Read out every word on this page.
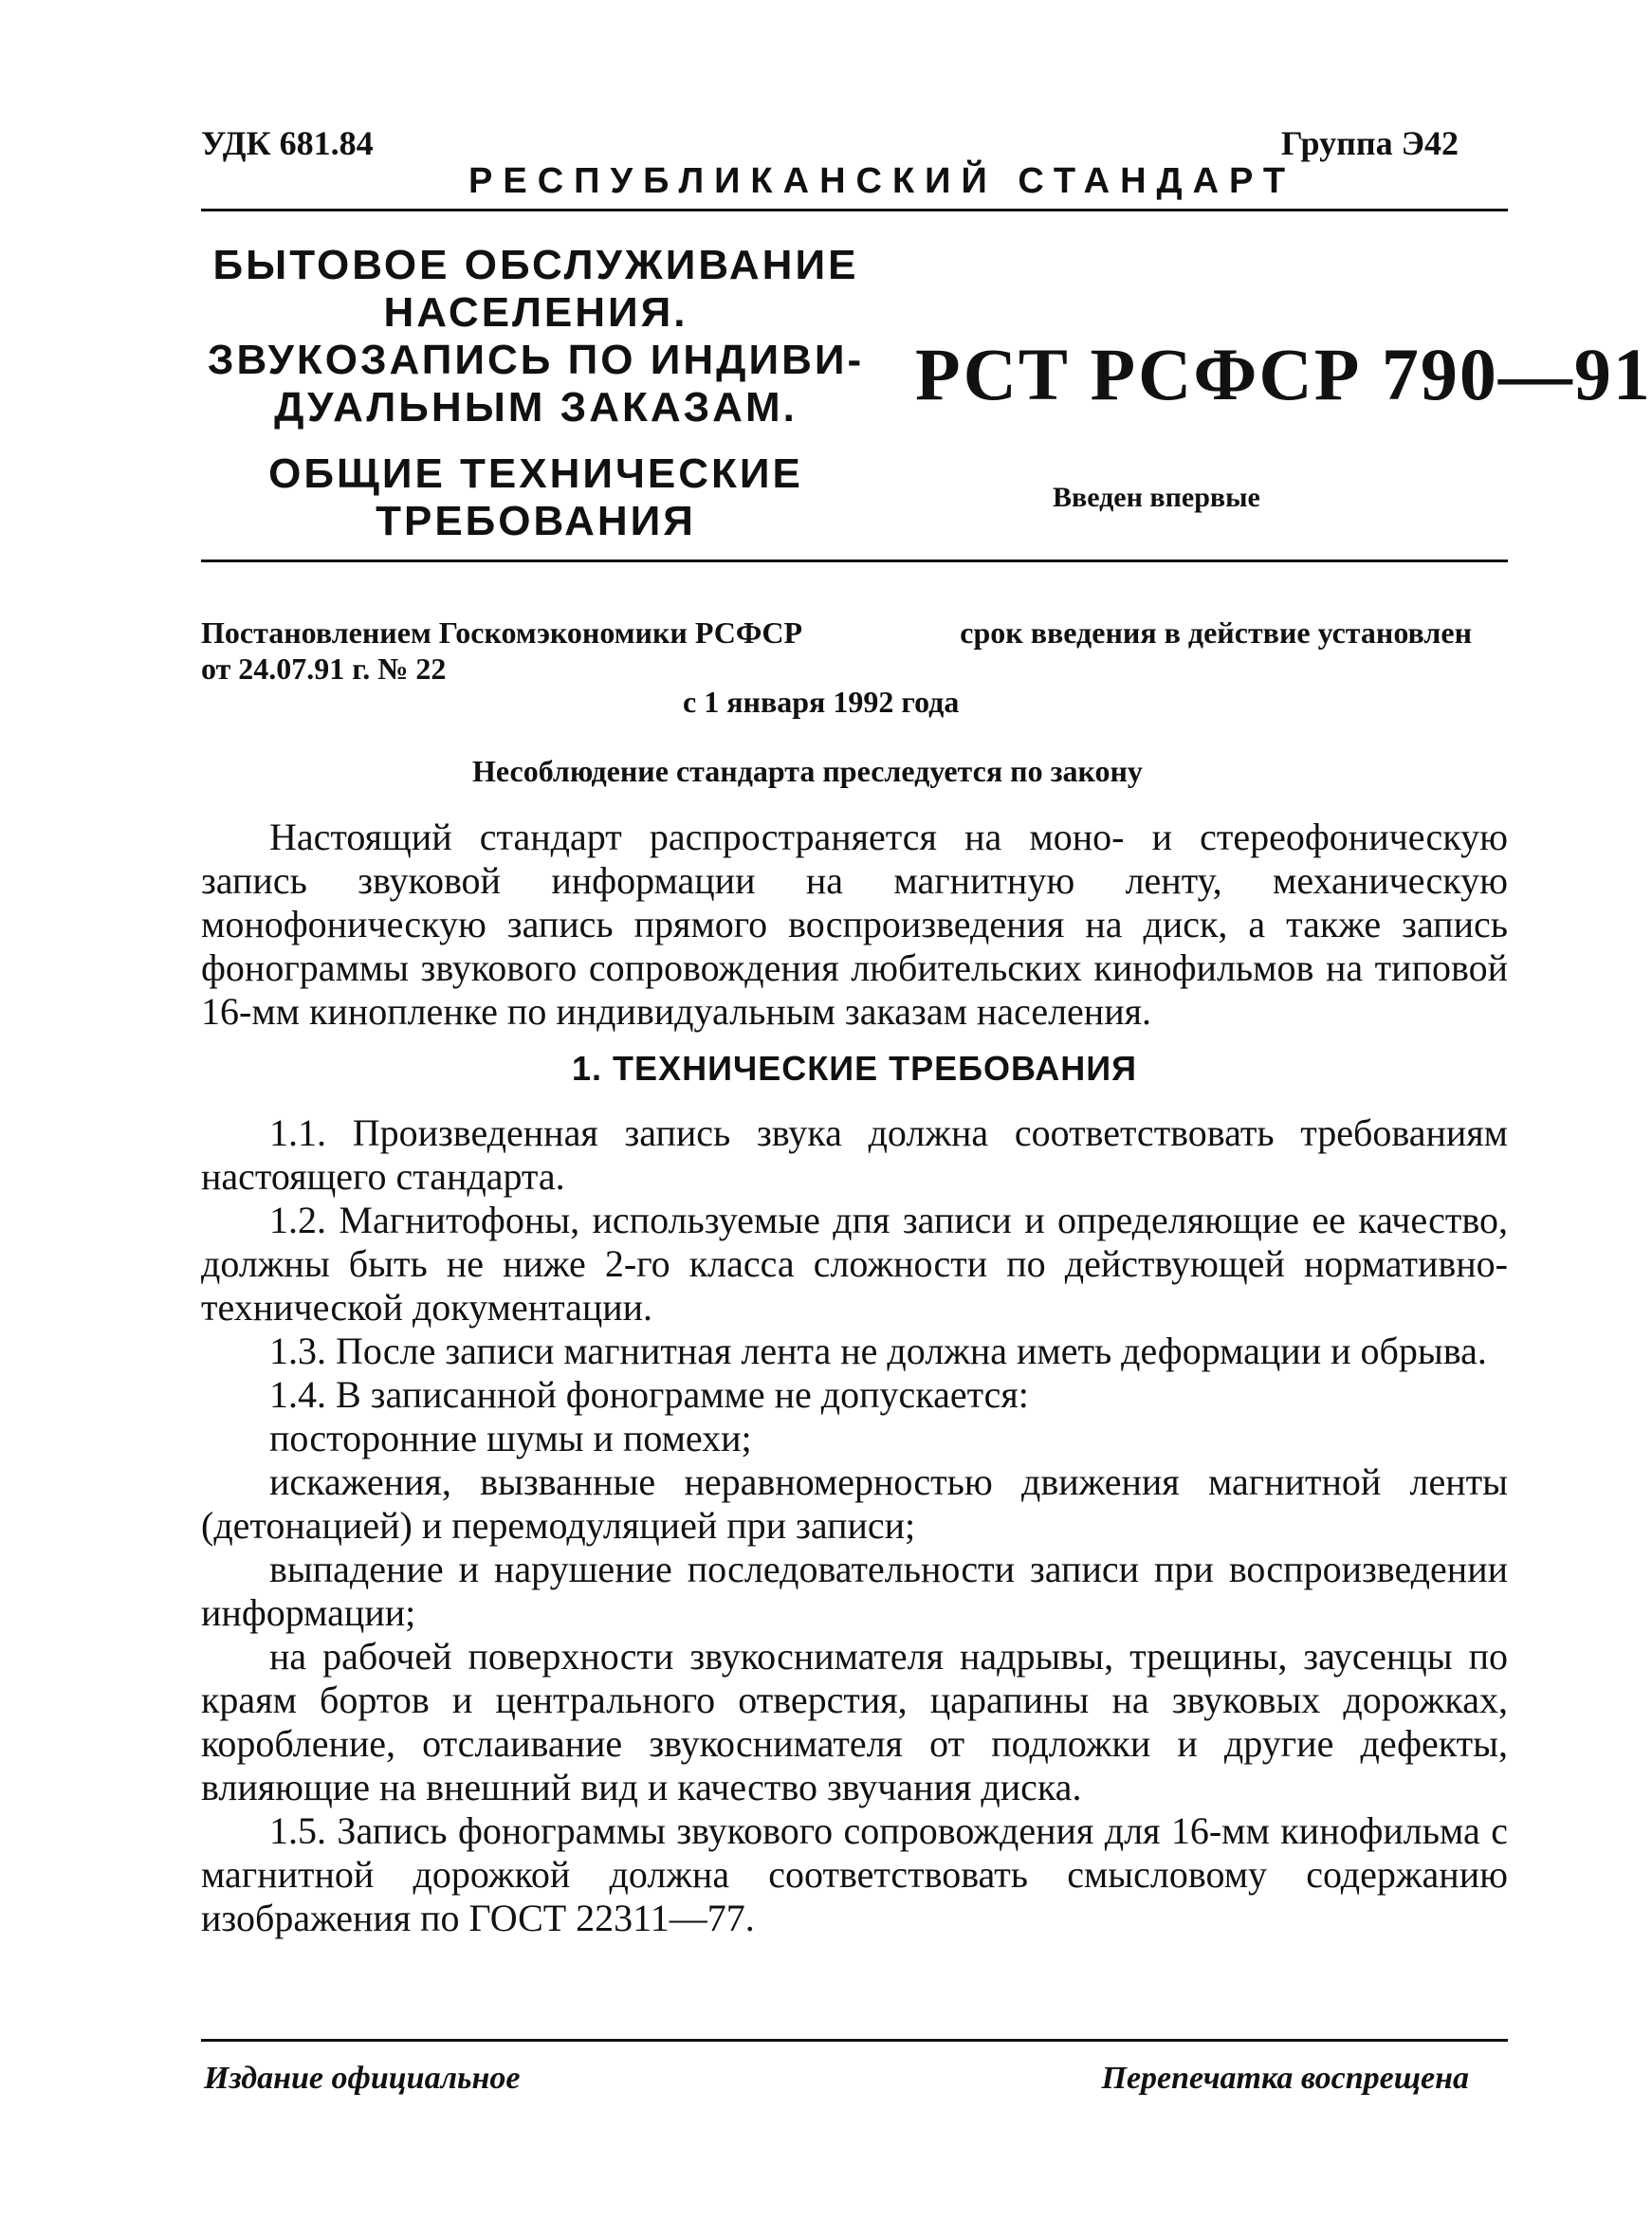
УДК 681.84	Группа Э42
РЕСПУБЛИКАНСКИЙ СТАНДАРТ
БЫТОВОЕ ОБСЛУЖИВАНИЕ
НАСЕЛЕНИЯ.
ЗВУКОЗАПИСЬ ПО ИНДИВИ-
ДУАЛЬНЫМ ЗАКАЗАМ.
ОБЩИЕ ТЕХНИЧЕСКИЕ
ТРЕБОВАНИЯ
РСТ РСФСР 790—91
Введен впервые
Постановлением Госкомэкономики РСФСР	срок введения в действие установлен
от 24.07.91 г. № 22
с 1 января 1992 года
Несоблюдение стандарта преследуется по закону

Настоящий стандарт распространяется на моно- и стереофоническую запись звуковой информации на магнитную ленту, механическую монофоническую запись прямого воспроизведения на диск, а также запись фонограммы звукового сопровождения любительских кинофильмов на типовой 16-мм кинопленке по индивидуальным заказам населения.

1. ТЕХНИЧЕСКИЕ ТРЕБОВАНИЯ

1.1. Произведенная запись звука должна соответствовать требованиям настоящего стандарта.

1.2. Магнитофоны, используемые дпя записи и определяющие ее качество, должны быть не ниже 2-го класса сложности по действующей нормативно-технической документации.

1.3. После записи магнитная лента не должна иметь деформации и обрыва.

1.4. В записанной фонограмме не допускается:

посторонние шумы и помехи;

искажения, вызванные неравномерностью движения магнитной ленты (детонацией) и перемодуляцией при записи;

выпадение и нарушение последовательности записи при воспроизведении информации;

на рабочей поверхности звукоснимателя надрывы, трещины, заусенцы по краям бортов и центрального отверстия, царапины на звуковых дорожках, коробление, отслаивание звукоснимателя от подложки и другие дефекты, влияющие на внешний вид и качество звучания диска.

1.5. Запись фонограммы звукового сопровождения для 16-мм кинофильма с магнитной дорожкой должна соответствовать смысловому содержанию изображения по ГОСТ 22311—77.

Издание официальное	Перепечатка воспрещена
